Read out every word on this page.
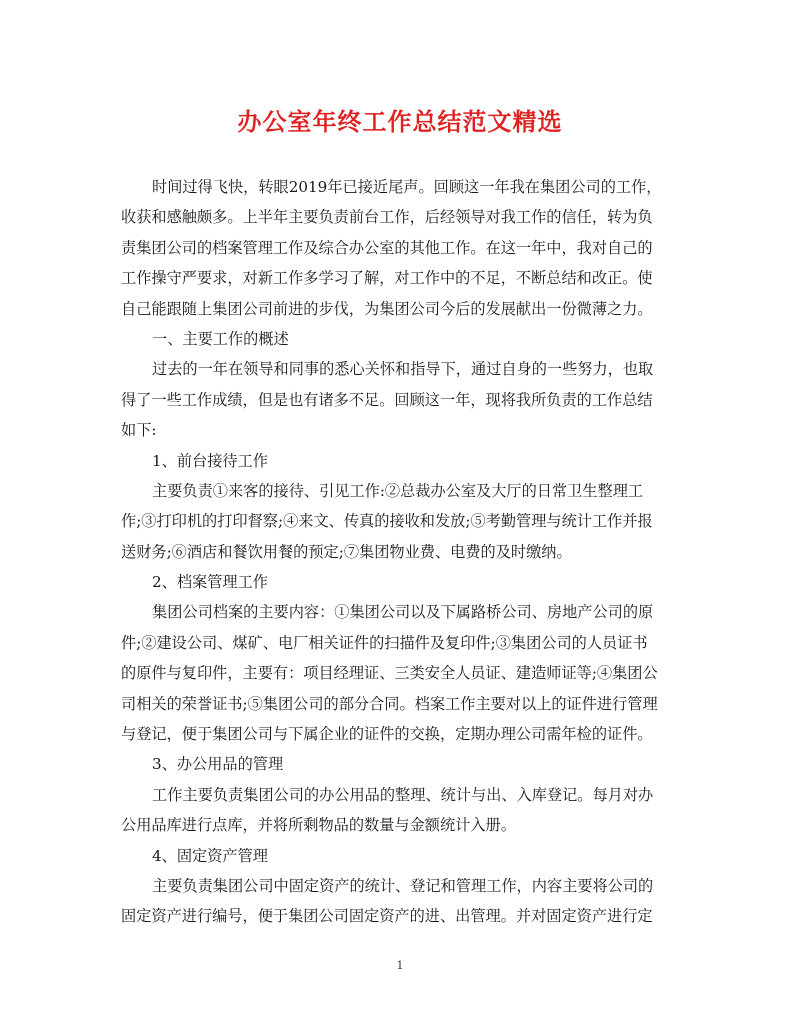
办公室年终工作总结范文精选
时间过得飞快，转眼2019年已接近尾声。回顾这一年我在集团公司的工作，
收获和感触颇多。上半年主要负责前台工作，后经领导对我工作的信任，转为负
责集团公司的档案管理工作及综合办公室的其他工作。在这一年中，我对自己的
工作操守严要求，对新工作多学习了解，对工作中的不足，不断总结和改正。使
自己能跟随上集团公司前进的步伐，为集团公司今后的发展献出一份微薄之力。
一、主要工作的概述
过去的一年在领导和同事的悉心关怀和指导下，通过自身的一些努力，也取
得了一些工作成绩，但是也有诸多不足。回顾这一年，现将我所负责的工作总结
如下:
1、前台接待工作
主要负责①来客的接待、引见工作:②总裁办公室及大厅的日常卫生整理工
作;③打印机的打印督察;④来文、传真的接收和发放;⑤考勤管理与统计工作并报
送财务;⑥酒店和餐饮用餐的预定;⑦集团物业费、电费的及时缴纳。
2、档案管理工作
集团公司档案的主要内容：①集团公司以及下属路桥公司、房地产公司的原
件;②建设公司、煤矿、电厂相关证件的扫描件及复印件;③集团公司的人员证书
的原件与复印件，主要有：项目经理证、三类安全人员证、建造师证等;④集团公
司相关的荣誉证书;⑤集团公司的部分合同。档案工作主要对以上的证件进行管理
与登记，便于集团公司与下属企业的证件的交换，定期办理公司需年检的证件。
3、办公用品的管理
工作主要负责集团公司的办公用品的整理、统计与出、入库登记。每月对办
公用品库进行点库，并将所剩物品的数量与金额统计入册。
4、固定资产管理
主要负责集团公司中固定资产的统计、登记和管理工作，内容主要将公司的
固定资产进行编号，便于集团公司固定资产的进、出管理。并对固定资产进行定
1
